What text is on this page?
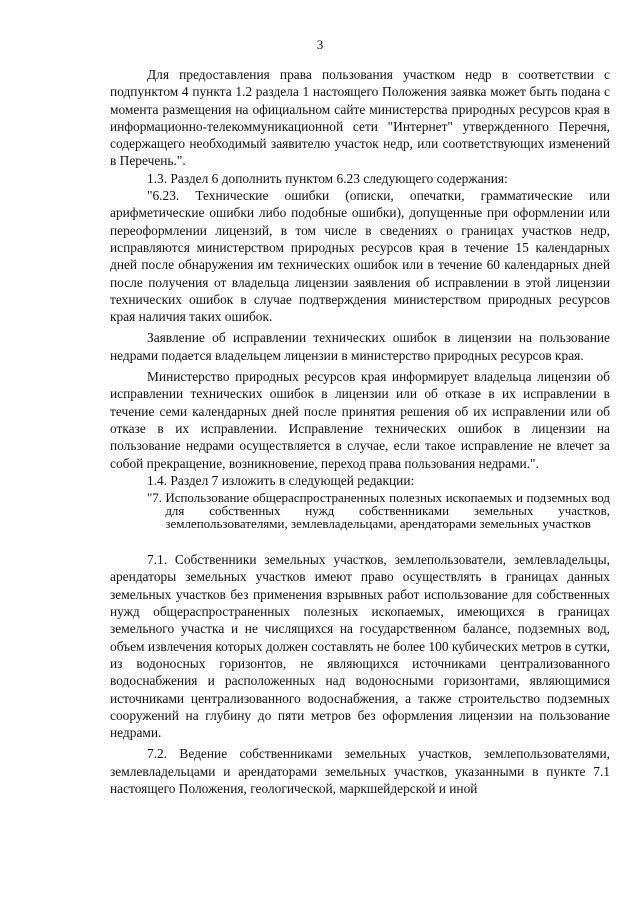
3

Для предоставления права пользования участком недр в соответствии с подпунктом 4 пункта 1.2 раздела 1 настоящего Положения заявка может быть подана с момента размещения на официальном сайте министерства природных ресурсов края в информационно-телекоммуникационной сети "Интернет" утвержденного Перечня, содержащего необходимый заявителю участок недр, или соответствующих изменений в Перечень.".

1.3. Раздел 6 дополнить пунктом 6.23 следующего содержания:

"6.23. Технические ошибки (описки, опечатки, грамматические или арифметические ошибки либо подобные ошибки), допущенные при оформлении или переоформлении лицензий, в том числе в сведениях о границах участков недр, исправляются министерством природных ресурсов края в течение 15 календарных дней после обнаружения им технических ошибок или в течение 60 календарных дней после получения от владельца лицензии заявления об исправлении в этой лицензии технических ошибок в случае подтверждения министерством природных ресурсов края наличия таких ошибок.

Заявление об исправлении технических ошибок в лицензии на пользование недрами подается владельцем лицензии в министерство природных ресурсов края.

Министерство природных ресурсов края информирует владельца лицензии об исправлении технических ошибок в лицензии или об отказе в их исправлении в течение семи календарных дней после принятия решения об их исправлении или об отказе в их исправлении. Исправление технических ошибок в лицензии на пользование недрами осуществляется в случае, если такое исправление не влечет за собой прекращение, возникновение, переход права пользования недрами.".

1.4. Раздел 7 изложить в следующей редакции:

"7. Использование общераспространенных полезных ископаемых и подземных вод для собственных нужд собственниками земельных участков, землепользователями, землевладельцами, арендаторами земельных участков

7.1. Собственники земельных участков, землепользователи, землевладельцы, арендаторы земельных участков имеют право осуществлять в границах данных земельных участков без применения взрывных работ использование для собственных нужд общераспространенных полезных ископаемых, имеющихся в границах земельного участка и не числящихся на государственном балансе, подземных вод, объем извлечения которых должен составлять не более 100 кубических метров в сутки, из водоносных горизонтов, не являющихся источниками централизованного водоснабжения и расположенных над водоносными горизонтами, являющимися источниками централизованного водоснабжения, а также строительство подземных сооружений на глубину до пяти метров без оформления лицензии на пользование недрами.

7.2. Ведение собственниками земельных участков, землепользователями, землевладельцами и арендаторами земельных участков, указанными в пункте 7.1 настоящего Положения, геологической, маркшейдерской и иной
